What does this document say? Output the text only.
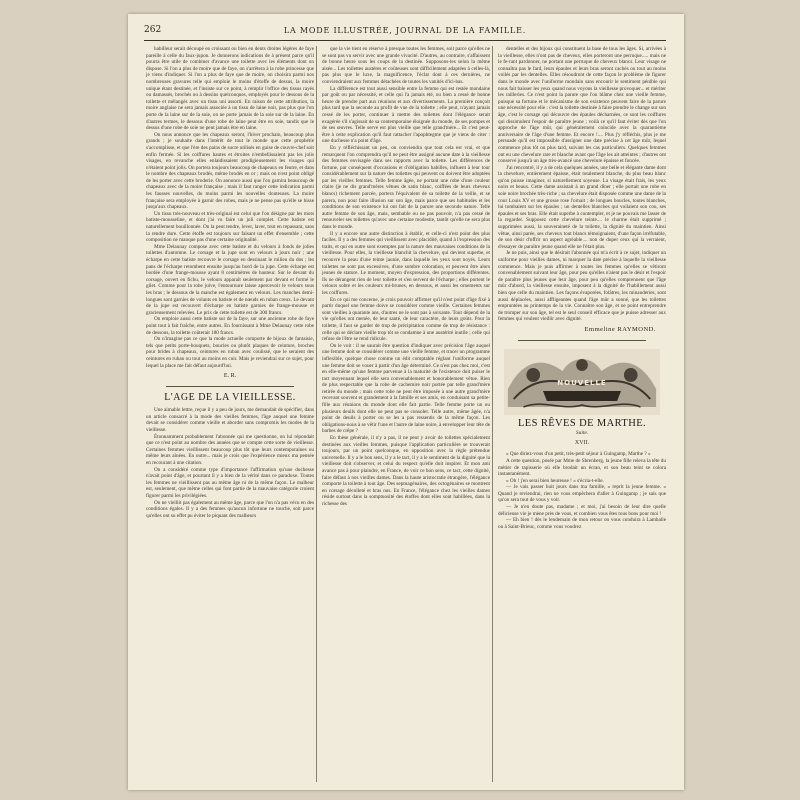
262	LA MODE ILLUSTRÉE, JOURNAL DE LA FAMILLE.

habilleur serait découpé en croissant ou bien en dents droites légères de faye pareille à celle du faux-jupon. Je donnerons indications de à présent parce qu'il pourra être utile de combiner d'avance une toilette avec les éléments dont on dispose. Si l'on a plus de moire que de faye, on s'arrêtera à la robe princesse que je viens d'indiquer. Si l'on a plus de faye que de moire, on choisira parmi nos nombreuses gravures telle qui emploie le moins d'étoffe de dessus, la moire unique étant destinée, et l'insiste sur ce point, à remplir l'office des tissus rayés ou damassés, brochés ou à dessins quelconques, employés pour le dessous de la toilette et mélangés avec un tissu uni assorti. En raison de cette attribution, la moire anglaise ne sera jamais associée à un tissu de laine noir, pas plus que l'on porte de la laine sur de la soie, on ne porte jamais de la soie sur de la laine. En d'autres termes, le dessous d'une robe de laine peut être en soie, tandis que le dessus d'une robe de soie ne peut jamais être en laine.

On nous annonce que les chapeaux seront, l'hiver prochain, beaucoup plus grands ; je souhaite dans l'intérêt de tout le monde que cette prophétie s'accomplisse, et que l'ère des pains de sucre utilisés en guise de couvre-chef soit enfin fermée. Si les coiffures hautes et étroites n'embellissaient pas les jolis visages, en revanche elles enlaidissaient prodigieusement les visages qui n'étaient point jolis. On portera toujours beaucoup de chapeaux en feutre, et dans le nombre des chapeaux brodés, même brodés en or ; mais on n'est point obligé de les porter avec cette broderie. On annonce aussi que l'on garnira beaucoup de chapeaux avec de la moire française ; mais il faut ranger cette indication parmi les fausses nouvelles, du moins parmi les nouvelles douteuses. La moire française sera employée à garnir des robes, mais je ne pense pas qu'elle se hisse jusqu'aux chapeaux.

Un tissu très-nouveau et très-original est celui que l'on désigne par les mots batiste-mousseline, et dont j'ai vu faire un joli complet. Cette batiste est naturellement bouillonnée. On la peut tendre, lever, laver, tout en repassant, sans la rendre dure. Cette étoffe est toujours sur faisant un effet d'ensemble ; cette composition ne manque pas d'une certaine originalité.

Mme Delaunay compose avec cette batiste et du velours à fonds de jolies toilettes d'automne. Le corsage et la jupe sont en velours à jours noir ; une écharpe en cette batiste recouvre le corsage en dessinant le milieu du dos ; les pans de l'écharpe retombent ensuite jusqu'au bord de la jupe. Cette écharpe est bordée d'une frange-mousse ayant 8 centimètres de hauteur. Sur le devant du corsage, ouvert en fichu, le velours apparaît seulement par devant et formé le gilet. Comme pour la robe juive, l'entournure laisse apercevoir le velours sous les bras ; le dessous de la manche est également en velours. Les manches demi-longues sont garnies de volants en batiste et de nœuds en ruban creux. Le devant de la jupe est recouvert d'écharpe en batiste garnies de frange-mousse et gracieusement relevées. Le prix de cette toilette est de 300 francs.

On emploie aussi cette batiste sur de la faye, sur une ancienne robe de faye point tout à fait fraîche, entre autres. En fournissant à Mme Delaunay cette robe de dessous, la toilette coûterait 180 francs.

On n'imagine pas ce que la mode actuelle comporte de bijoux de fantaisie, tels que petits porte-bouquets, boucles ou plutôt plaques de ceinture, broches pour brides à chapeaux, ceintures en ruban avec coulissé, que le seraient des ceintures en ruban ou tout au moins en cuir. Mais je reviendrai sur ce sujet, pour lequel la place me fait défaut aujourd'hui.

E. R.
L'AGE DE LA VIEILLESSE.

Une aimable lettre, reçue il y a peu de jours, me demandait de spécifier, dans un article consacré à la mode des vieilles femmes, l'âge auquel une femme devait se considérer comme vieille et aborder sans compromis les modes de la vieillesse.

Étonnamment probablement l'abonnée qui me questionne, on lui répondait que ce n'est point au nombre des années que se compte cette sorte de vieillesse. Certaines femmes vieillissent beaucoup plus tôt que leurs contemporaines ou même leurs aînées. En outre... mais je crois que l'expérience mieux ma pensée en recourant à une citation.

On a considéré comme type d'importance l'affirmation qu'une duchesse n'avait point d'âge, et pourtant il y a bien de la vérité dans ce paradoxe. Toutes les femmes ne vieillissent pas au même âge ni de la même façon. Le malheur est, seulement, que même celles qui font partie de la mauvaise catégorie croient figurer parmi les privilégiées.

On ne vieillit pas également au même âge, parce que l'on n'a pas vécu en des conditions égales. Il y a des femmes qu'aucun infortune ne touche, soit parce qu'elles ont su effet pu éviter le piquant des malheurs

que la vie tient en réserve à presque toutes les femmes, soit parce qu'elles ne se sont pas vu servir avec une grande vivacité. D'autres, au contraire, s'affaissent de bonne heure sous les coups de la destinée. Supposons-les selon la même aisée... Les toilettes austères et coûteuses sont difficilement adaptées à celles-là, pas plus que le luxe, la magnificence, l'éclat dont à ces dernières, ne conviendraient aux femmes détachées de toutes les vanités d'ici-bas.

La différence est tout aussi sensible entre la femme qui est restée mondaine par goût ou par nécessité, et celle qui l'a jamais été, ou bien a cessé de bonne heure de prendre part aux réunions et aux divertissements. La première conçoit plus tard que la seconde au profit de vue de la toilette ; elle peut, n'ayant jamais cessé de les porter, continuer à mettre des toilettes dont l'élégance serait exagérée s'il s'agissait de sa contemporaine éloignée du monde, de ses pompes et de ses œuvres. Telle serve est plus vieille que telle grand'mère... Et c'est peut-être à cette explication qu'il faut rattacher l'apophtegme que je viens de citer : une duchesse n'a point d'âge.

En y réfléchissant un peu, on conviendra que tout cela est vrai, et que remarquent l'on comprendra qu'il ne peut être assigné aucune date à la vieillesse des femmes envisagée dans ses rapports avec la toilette. Les différences de fortune, par conséquent d'occasions et d'obligation habilles, influent à leur tour considérablement sur la nature des toilettes qui peuvent ou doivent être adoptées par les vieilles femmes. Telle femme âgée, ne portant une robe d'une couleur claire (je ne dis grand'mères vêtues de satin blanc, coiffées de leurs cheveux blancs) richement parcée, portera l'équivalent de sa toilette de la veille, et se parera, non pour faire illusion sur son âge, mais parce que ses habitudes et les conditions de son existence lui ont fait de la parure une seconde nature. Telle autre femme de son âge, mais, sembable ou ne pas pouvoir, n'a pas cessé de renouveler ses toilettes qu'avec une certaine modestie, tantôt qu'elle ne sera plus dans le monde.

Il y a encore une autre distinction à établir, et celle-ci n'est point des plus faciles. Il y a des femmes qui vieillissent avec placidité, quand à l'expression des traits, et qui en outre sont exemptes par la nature des mauvaises conditions de la vieillesse. Pour elles, la vieillesse blanchit la chevelure, qui devient superbe, et recouvre la peau d'une teinte jaunie, dans laquelle les yeux sont noyés. Leurs toilettes ne sont pas excessives, d'une sombre coloration, et peuvent être alors jeunes de stature. Le moment, moyen d'expression, des proportions différentes. Ils ne dérangent rien de leur toilette et s'en servent de l'écharpe ; elles portent le velours sobre et les couleurs mi-brunes, en dessous, et aussi les ornements sur les coiffures.

En ce qui me concerne, je crois pouvoir affirmer qu'il n'est point d'âge fixé à partir duquel une femme doive se considérer comme vieille. Certaines femmes sont vieilles à quarante ans, d'autres ne le sont pas à soixante. Tout dépend de la vie qu'elles ont menée, de leur santé, de leur caractère, de leurs goûts. Pour la toilette, il faut se garder de trop de précipitation comme de trop de résistance : celle qui se déclare vieille trop tôt se condamne à une austérité inutile ; celle qui refuse de l'être se rend ridicule.

On le voit : il ne saurait être question d'indiquer avec précision l'âge auquel une femme doit se considérer comme une vieille femme, et tracer un programme inflexible, quelque chose comme un édit comptable réglant l'uniforme auquel une femme doit se vouer à partir d'un âge déterminé. Ce n'est pas chez moi, c'est en elle-même qu'une femme parvenue à la maturité de l'existence doit puiser le tact moyennant lequel elle sera convenablement et honorablement vêtue. Rien de plus respectable que la robe de cachemire noir portée par telle grand'mère retirée du monde ; mais cette robe ne peut être imposée à une autre grand'mère recevant souvent et grandement à la famille et ses amis, en conduisant sa petite-fille aux réunions du monde dont elle fait partie. Telle femme porte un ou plusieurs deuils dont elle ne peut pas se consoler. Telle autre, même âgée, n'a point de deuils à porter ou se les a pas ressentis de la même façon. Les obligations-nous à se vêtir l'une et l'autre de laine noire, à envelopper leur tête de barbes de crêpe ?

En thèse générale, il n'y a pas, il ne peut y avoir de toilettes spécialement destinées aux vieilles femmes, puisque l'application particulière se trouverait toujours, par un point quelconque, en opposition avec la règle prétendue universelle. Il y a le bon sens, il y a le tact, il y a le sentiment de la dignité que la vieillesse doit s'observer, et celui du respect qu'elle doit inspirer. Et mon ami avance pas à pour plaindre, en France, de voir ce bon sens, ce tact, cette dignité, faire défaut à nos vieilles dames. Dans la haute aristocratie étrangère, l'élégance comporte la toilette à tout âge. Des septuagénaires, des octogénaires se montrent en corsage décolleté et bras nus. En France, l'élégance chez les vieilles dames réside surtout dans la somptuosité des étoffes dont elles sont habillées, dans la richesse des

dentelles et des bijoux qui constituent la base de tous les âges. Si, arrivées à la vieillesse, elles n'ont pas de cheveux, elles porteront une perruque..... mais ne le fe-rant pardonner, ne portant une perruque de cheveux blancs. Leur visage ne connaîtra pas le fard, leurs épaules et leurs bras seront cachés ou tout au moins voilés par les dentelles. Elles résoudront de cette façon le problème de figurer dans le monde avec l'uniforme mondain sans encourir le sentiment pénible qui nous fait baisser les yeux quand nous voyons la vieillesse provoquer... et mériter les railleries. Ce n'est point la parure que l'on blâme chez une vieille femme, puisque sa fortune et le mécanisme de son existence peuvent faire de la parure une nécessité pour elle : c'est la toilette destinée à faire prendre le change sur son âge, c'est le corsage qui découvre des épaules décharnées, ce sont les coiffures qui dissimulent l'espoir de paraître jeune ; voilà ce qu'il faut éviter dès que l'on approche de l'âge mûr, qui généralement coïncide avec la quarantième anniversaire de l'âge d'une femme. Et encore !.... Plus j'y réfléchis, plus je me persuade qu'il est impossible d'assigner une date précise à cet âge mûr, lequel commence plus tôt ou plus tard, suivant les cas particuliers. Quelques femmes ont eu une chevelure rare et blanche avant que l'âge les ait atteintes ; d'autres ont conservé jusqu'à un âge très-avancé une chevelure épaisse et foncée.

J'ai rencontré, il y a de cela quelques années, une belle et élégante dame dont la chevelure, entièrement épaisse, était totalement blanche, du plus beau blanc qu'on puisse imaginer, si naturellement soyeuse. La visage était frais, les yeux noirs et beaux. Cette dame assistait à un grand dîner ; elle portait une robe en soie noire brochée très-riche ; sa chevelure était disposée comme une dame de la cour Louis XV et une grosse rose l'ornait ; de longues boucles, toutes blanches, lui tombaient sur les épaules ; un dentelles blanches qui voilaient son cou, ses épaules et ses bras. Elle était superbe à contempler, et je ne pouvais me lasser de la regarder. Supposez cette chevelure teinte.... le charme était supprimé ; supprimées aussi, la souveraineté de la toilette, la dignité du maintien. Ainsi vêtue, ainsi parée, ses cheveux tout blancs témoignaient, d'une façon irréfutable, de son désir d'offrir un aspect agréable.... non de duper ceux qui la verraient, d'essayer de paraître jeune quand elle ne l'était plus.

Je ne puis, ainsi que le désirait l'abonnée qui m'a écrit à ce sujet, indiquer un uniforme pour vieilles dames, ni marquer la date précise à laquelle la vieillesse commence. Mais je puis affirmer à toutes les femmes qu'elles se vêtiront convenablement suivant leur âge, pour peu qu'elles n'aient pas le désir et l'espoir de paraître plus jeunes que leur âge, pour peu qu'elles comprennent que l'âge mûr d'abord, la vieillesse ensuite, imposent à la dignité de l'habillement aussi bien que celle du maintien. Les façons évaporées, folâtres, les minauderies, sont aussi déplacées, aussi affligeantes quand l'âge mûr a sonné, que les toilettes empruntées au printemps de la vie. Connaître son âge, et ne point entreprendre de tromper sur son âge, tel est le seul conseil efficace que je puisse adresser aux femmes qui veulent vieillir avec dignité.

Emmeline RAYMOND.
NOUVELLE
LES RÊVES DE MARTHE.
Suite.
XVII.

« Que diriez-vous d'un petit, très-petit séjour à Guingamp, Marthe ? »

A cette question, posée par Mme de Sbrenberg, la jeune fille releva la tête du métier de tapisserie où elle brodait un écran, et son beau teint se colora instantanément.

« Oh ! j'en serai bien heureuse ! » s'écria-t-elle.

— Je vais passer huit jours dans ma famille, » reprit la jeune femme. « Quand je reviendrai, rien ne vous empêchera d'aller à Guingamp ; je sais que qu'on sera tout de vous y voir.

— Je n'en doute pas, madame ; et moi, j'ai besoin de leur dire quelle délicieuse vie je mène près de vous, et combien vous êtes tous bons pour moi !

— Eh bien ! dès le lendemain de mon retour on vous conduira à Lamballe ou à Saint-Brieuc, comme vous voudrez
